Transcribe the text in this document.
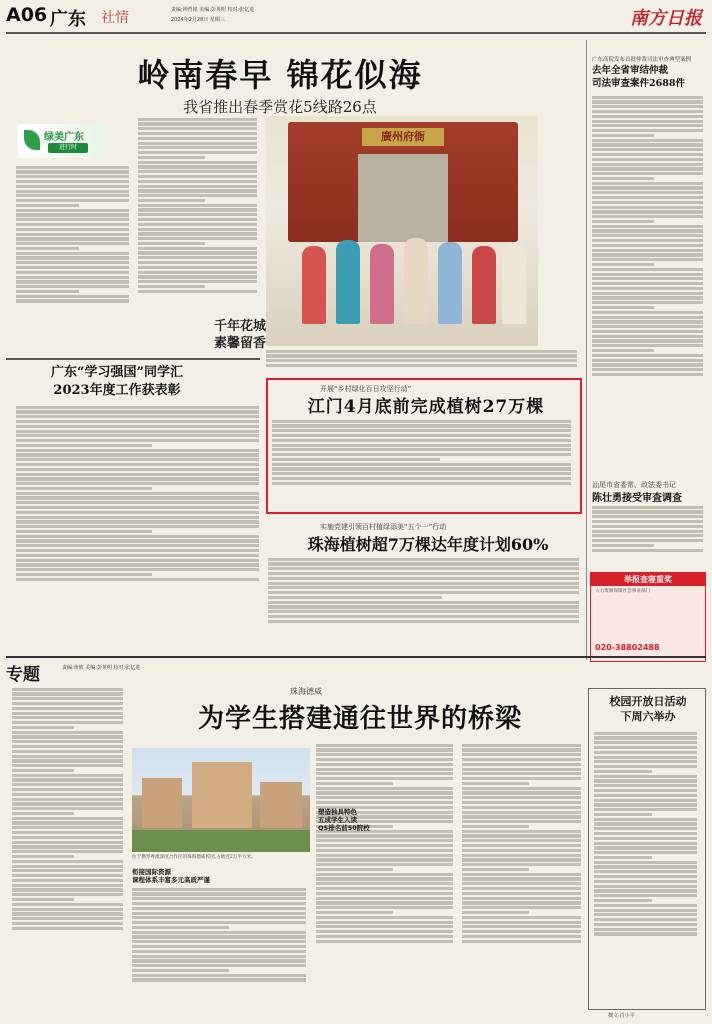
A06 广东 社情	责编:钟哲铭 美编:彭英明 校对:张亿进
2024年2月28日 星期三	南方日报
岭南春早 锦花似海
我省推出春季赏花5线路26点
绿美广东
进行时
廣州府衙
千年花城
素馨留香
广东“学习强国”同学汇
2023年度工作获表彰	开展“乡村绿化百日攻坚行动”
江门4月底前完成植树27万棵
实施党建引领百村植绿添美“五个一”行动
珠海植树超7万棵达年度计划60%
广东高院发布首批仲裁司法审查典型案例
去年全省审结仲裁
司法审查案件2688件
汕尾市省委常、政法委书记
陈壮勇接受审查调查
举报查寝重奖
人力资源保障社会事业部门
020-38802488
专题	责编:黄攸 美编:彭英明 校对:张亿进
珠海德威
为学生搭建通往世界的桥梁
位于横琴粤澳深度合作区的珠海德威校园,占地近2万平方米。
衔接国际资源
课程体系丰富多元高质严谨
塑造独具特色
五成学生入读
QS排名前50院校
校园开放日活动
下周六举办
撰文:肖小平
